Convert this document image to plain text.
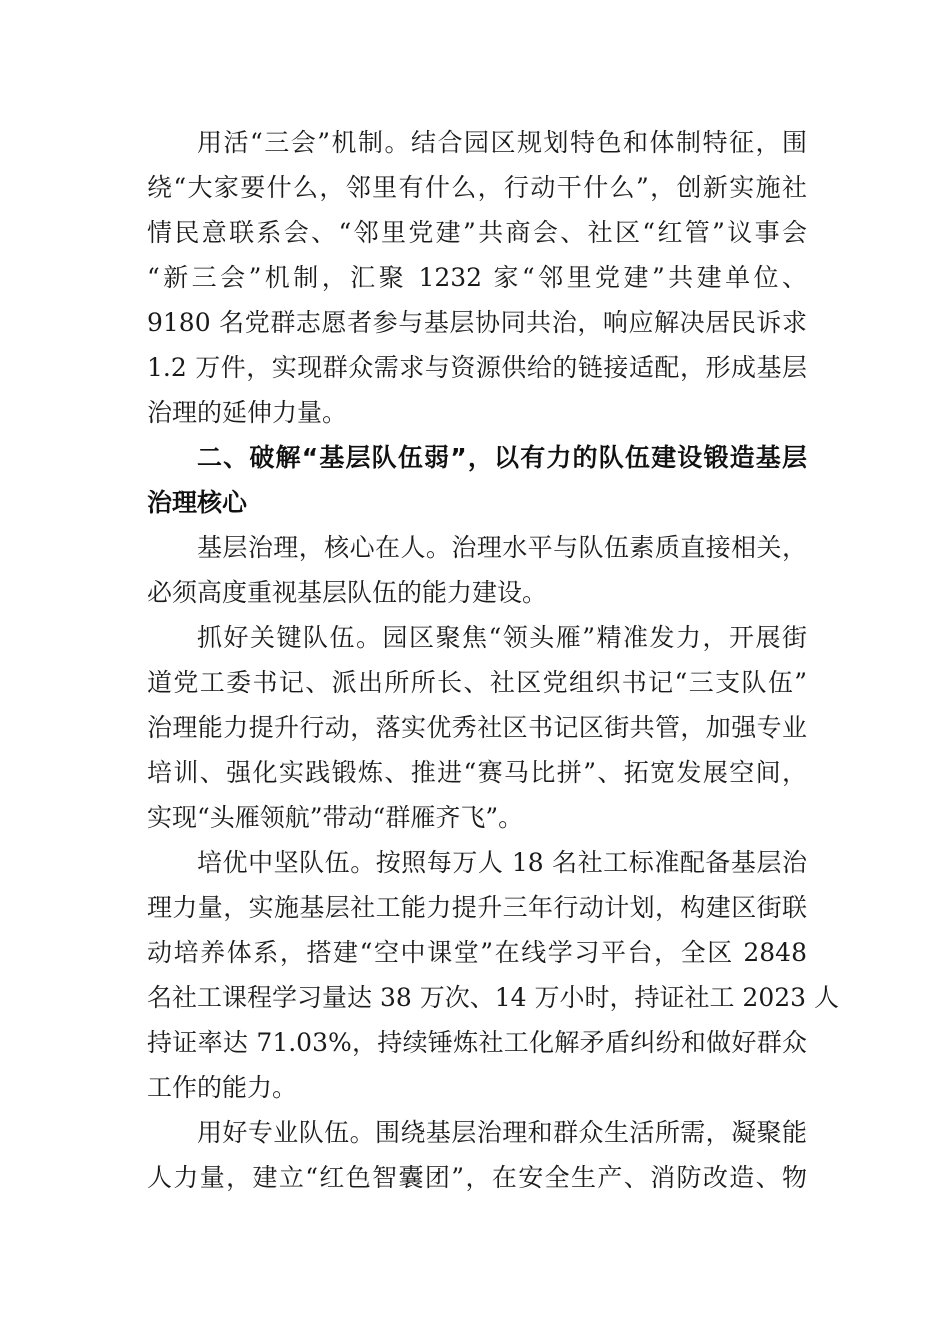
用活“三会”机制。结合园区规划特色和体制特征，围
绕“大家要什么，邻里有什么，行动干什么”，创新实施社
情民意联系会、“邻里党建”共商会、社区“红管”议事会
“新三会”机制，汇聚 1232 家“邻里党建”共建单位、
9180 名党群志愿者参与基层协同共治，响应解决居民诉求
1.2 万件，实现群众需求与资源供给的链接适配，形成基层
治理的延伸力量。
二、破解“基层队伍弱”，以有力的队伍建设锻造基层
治理核心
基层治理，核心在人。治理水平与队伍素质直接相关，
必须高度重视基层队伍的能力建设。
抓好关键队伍。园区聚焦“领头雁”精准发力，开展街
道党工委书记、派出所所长、社区党组织书记“三支队伍”
治理能力提升行动，落实优秀社区书记区街共管，加强专业
培训、强化实践锻炼、推进“赛马比拼”、拓宽发展空间，
实现“头雁领航”带动“群雁齐飞”。
培优中坚队伍。按照每万人 18 名社工标准配备基层治
理力量，实施基层社工能力提升三年行动计划，构建区街联
动培养体系，搭建“空中课堂”在线学习平台，全区 2848
名社工课程学习量达 38 万次、14 万小时，持证社工 2023 人
持证率达 71.03%，持续锤炼社工化解矛盾纠纷和做好群众
工作的能力。
用好专业队伍。围绕基层治理和群众生活所需，凝聚能
人力量，建立“红色智囊团”，在安全生产、消防改造、物
